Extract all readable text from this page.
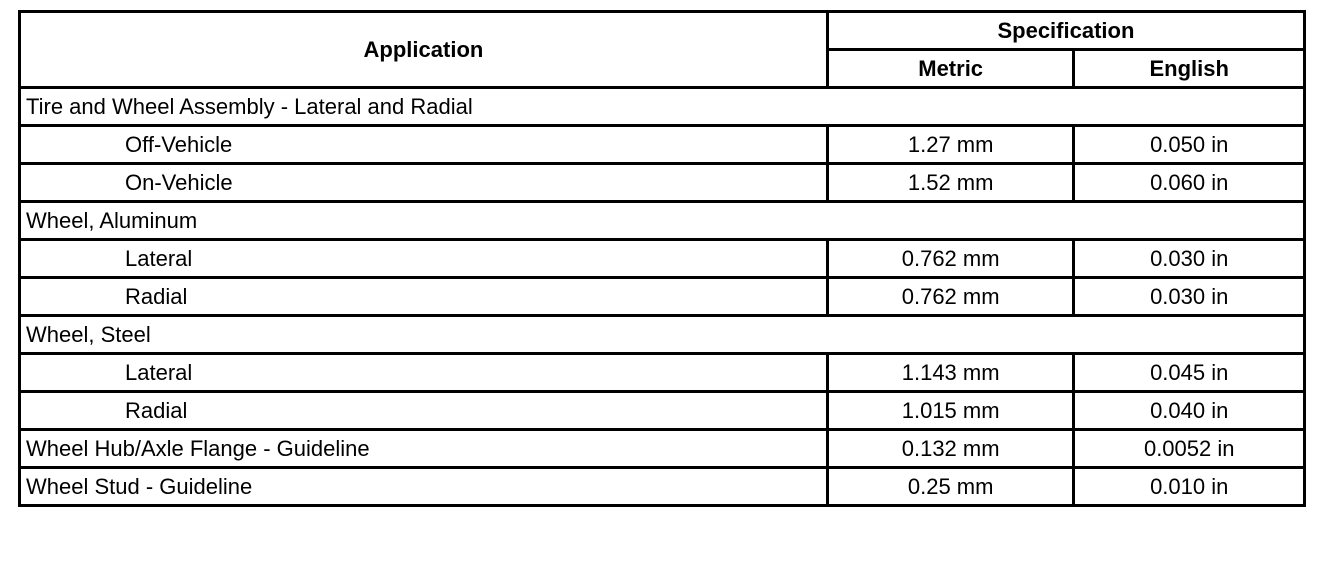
Application	Specification	
	Metric	English
Tire and Wheel Assembly - Lateral and Radial		
Off-Vehicle	1.27 mm	0.050 in
On-Vehicle	1.52 mm	0.060 in
Wheel, Aluminum		
Lateral	0.762 mm	0.030 in
Radial	0.762 mm	0.030 in
Wheel, Steel		
Lateral	1.143 mm	0.045 in
Radial	1.015 mm	0.040 in
Wheel Hub/Axle Flange - Guideline	0.132 mm	0.0052 in
Wheel Stud - Guideline	0.25 mm	0.010 in
